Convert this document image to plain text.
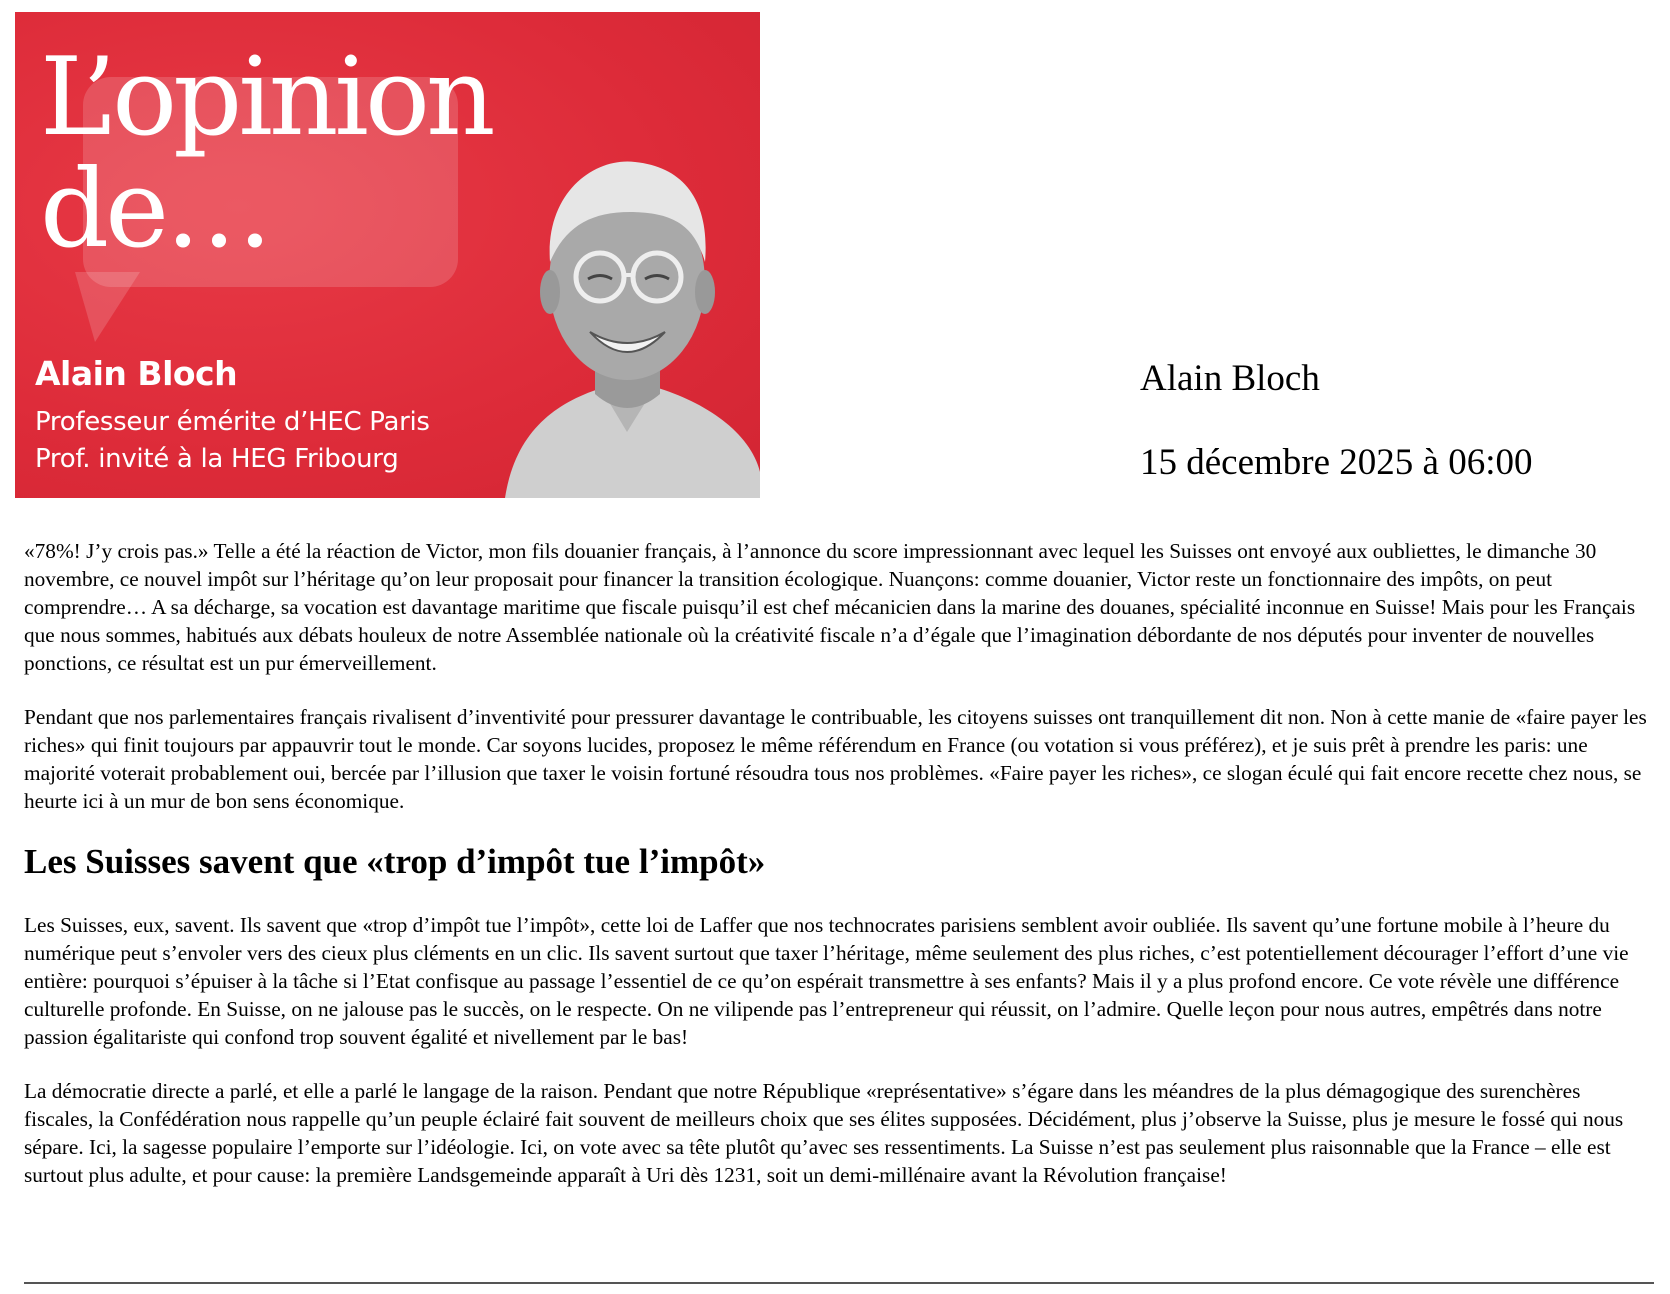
L’opinion
de…
Alain Bloch
Professeur émérite d’HEC Paris
Prof. invité à la HEG Fribourg

Alain Bloch

15 décembre 2025 à 06:00

«78%! J’y crois pas.» Telle a été la réaction de Victor, mon fils douanier français, à l’annonce du score impressionnant avec lequel les Suisses ont envoyé aux oubliettes, le dimanche 30 novembre, ce nouvel impôt sur l’héritage qu’on leur proposait pour financer la transition écologique. Nuançons: comme douanier, Victor reste un fonctionnaire des impôts, on peut comprendre… A sa décharge, sa vocation est davantage maritime que fiscale puisqu’il est chef mécanicien dans la marine des douanes, spécialité inconnue en Suisse! Mais pour les Français que nous sommes, habitués aux débats houleux de notre Assemblée nationale où la créativité fiscale n’a d’égale que l’imagination débordante de nos députés pour inventer de nouvelles ponctions, ce résultat est un pur émerveillement.

Pendant que nos parlementaires français rivalisent d’inventivité pour pressurer davantage le contribuable, les citoyens suisses ont tranquillement dit non. Non à cette manie de «faire payer les riches» qui finit toujours par appauvrir tout le monde. Car soyons lucides, proposez le même référendum en France (ou votation si vous préférez), et je suis prêt à prendre les paris: une majorité voterait probablement oui, bercée par l’illusion que taxer le voisin fortuné résoudra tous nos problèmes. «Faire payer les riches», ce slogan éculé qui fait encore recette chez nous, se heurte ici à un mur de bon sens économique.

Les Suisses savent que «trop d’impôt tue l’impôt»

Les Suisses, eux, savent. Ils savent que «trop d’impôt tue l’impôt», cette loi de Laffer que nos technocrates parisiens semblent avoir oubliée. Ils savent qu’une fortune mobile à l’heure du numérique peut s’envoler vers des cieux plus cléments en un clic. Ils savent surtout que taxer l’héritage, même seulement des plus riches, c’est potentiellement décourager l’effort d’une vie entière: pourquoi s’épuiser à la tâche si l’Etat confisque au passage l’essentiel de ce qu’on espérait transmettre à ses enfants? Mais il y a plus profond encore. Ce vote révèle une différence culturelle profonde. En Suisse, on ne jalouse pas le succès, on le respecte. On ne vilipende pas l’entrepreneur qui réussit, on l’admire. Quelle leçon pour nous autres, empêtrés dans notre passion égalitariste qui confond trop souvent égalité et nivellement par le bas!

La démocratie directe a parlé, et elle a parlé le langage de la raison. Pendant que notre République «représentative» s’égare dans les méandres de la plus démagogique des surenchères fiscales, la Confédération nous rappelle qu’un peuple éclairé fait souvent de meilleurs choix que ses élites supposées. Décidément, plus j’observe la Suisse, plus je mesure le fossé qui nous sépare. Ici, la sagesse populaire l’emporte sur l’idéologie. Ici, on vote avec sa tête plutôt qu’avec ses ressentiments. La Suisse n’est pas seulement plus raisonnable que la France – elle est surtout plus adulte, et pour cause: la première Landsgemeinde apparaît à Uri dès 1231, soit un demi-millénaire avant la Révolution française!
